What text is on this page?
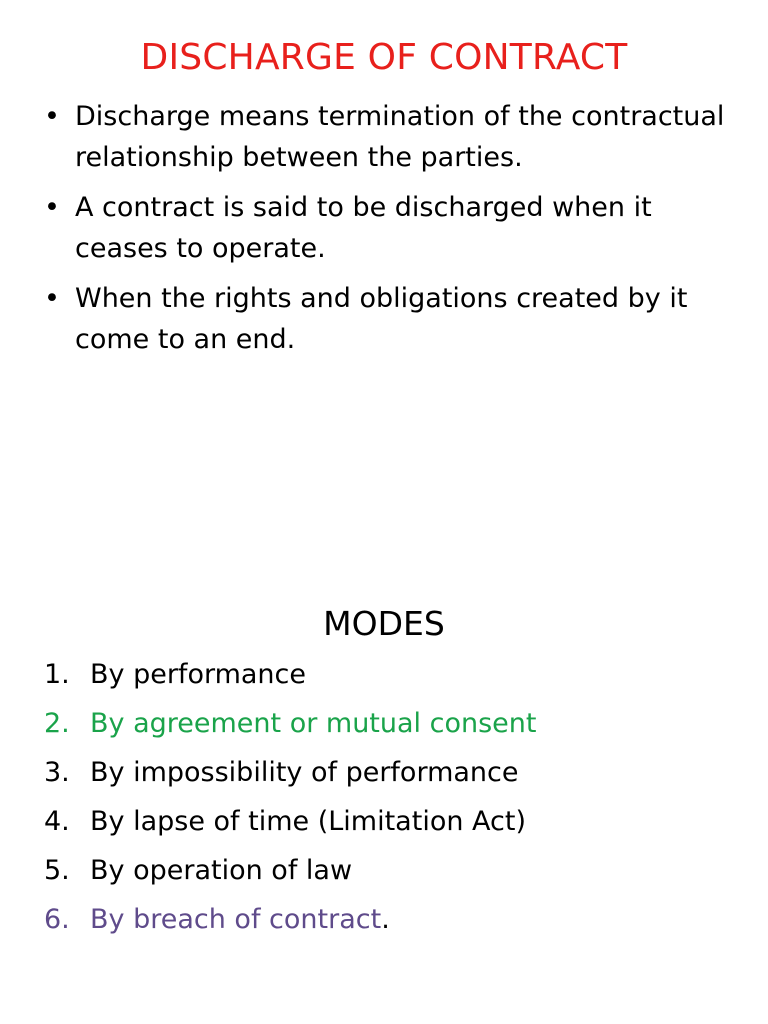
DISCHARGE OF CONTRACT
• Discharge means termination of the contractual relationship between the parties.
• A contract is said to be discharged when it ceases to operate.
• When the rights and obligations created by it come to an end.
MODES
1. By performance
2. By agreement or mutual consent
3. By impossibility of performance
4. By lapse of time (Limitation Act)
5. By operation of law
6. By breach of contract.
